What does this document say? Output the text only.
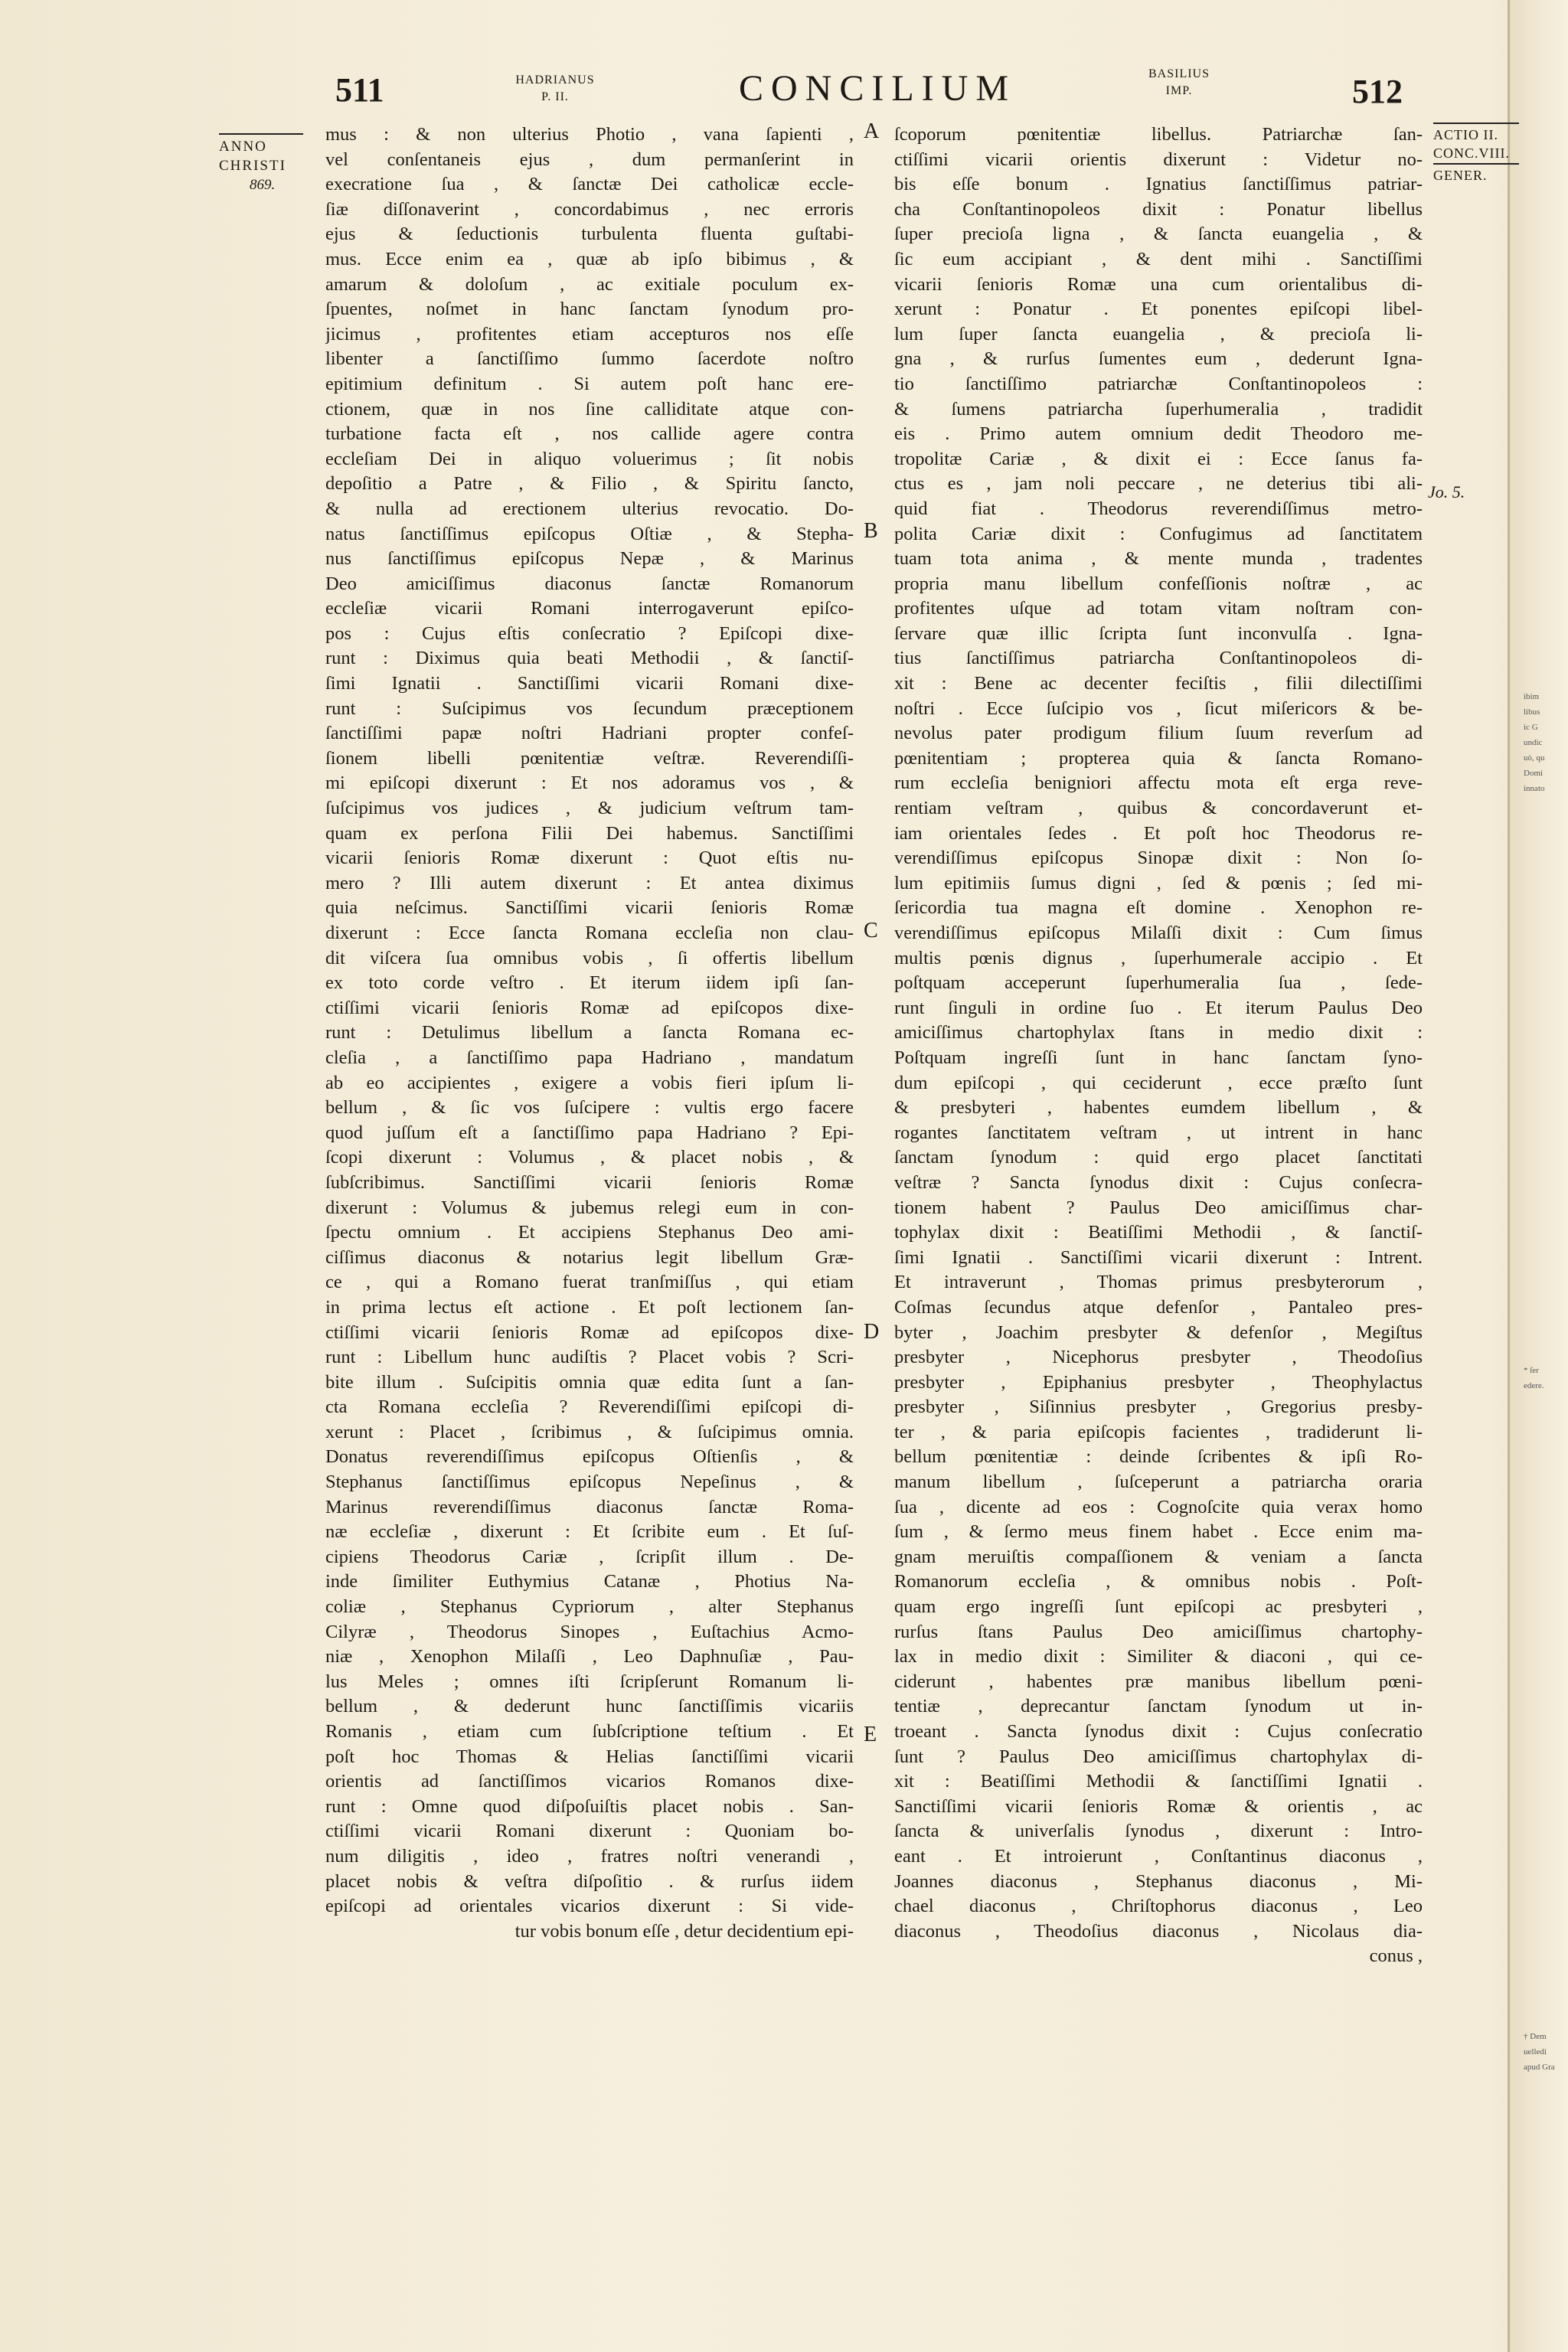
511	HADRIANUS
P. II.	CONCILIUM	BASILIUS
IMP.	512
ANNO
CHRISTI
869.
ACTIO II.
CONC.VIII.
GENER.
Jo. 5.
ibim
libus
ic G
undic
uò, qu
Domi
innato
* ſer
edere.
† Dem
uelledi
apud Gra
A
B
C
D
E
mus : & non ulterius Photio , vana ſapienti ,
vel conſentaneis ejus , dum permanſerint in
execratione ſua , & ſanctæ Dei catholicæ eccle-
ſiæ diſſonaverint , concordabimus , nec erroris
ejus & ſeductionis turbulenta fluenta guſtabi-
mus. Ecce enim ea , quæ ab ipſo bibimus , &
amarum & doloſum , ac exitiale poculum ex-
ſpuentes, noſmet in hanc ſanctam ſynodum pro-
jicimus , profitentes etiam accepturos nos eſſe
libenter a ſanctiſſimo ſummo ſacerdote noſtro
epitimium definitum . Si autem poſt hanc ere-
ctionem, quæ in nos ſine calliditate atque con-
turbatione facta eſt , nos callide agere contra
eccleſiam Dei in aliquo voluerimus ; ſit nobis
depoſitio a Patre , & Filio , & Spiritu ſancto,
& nulla ad erectionem ulterius revocatio. Do-
natus ſanctiſſimus epiſcopus Oſtiæ , & Stepha-
nus ſanctiſſimus epiſcopus Nepæ , & Marinus
Deo amiciſſimus diaconus ſanctæ Romanorum
eccleſiæ vicarii Romani interrogaverunt epiſco-
pos : Cujus eſtis conſecratio ? Epiſcopi dixe-
runt : Diximus quia beati Methodii , & ſanctiſ-
ſimi Ignatii . Sanctiſſimi vicarii Romani dixe-
runt : Suſcipimus vos ſecundum præceptionem
ſanctiſſimi papæ noſtri Hadriani propter confeſ-
ſionem libelli pœnitentiæ veſtræ. Reverendiſſi-
mi epiſcopi dixerunt : Et nos adoramus vos , &
ſuſcipimus vos judices , & judicium veſtrum tam-
quam ex perſona Filii Dei habemus. Sanctiſſimi
vicarii ſenioris Romæ dixerunt : Quot eſtis nu-
mero ? Illi autem dixerunt : Et antea diximus
quia neſcimus. Sanctiſſimi vicarii ſenioris Romæ
dixerunt : Ecce ſancta Romana eccleſia non clau-
dit viſcera ſua omnibus vobis , ſi offertis libellum
ex toto corde veſtro . Et iterum iidem ipſi ſan-
ctiſſimi vicarii ſenioris Romæ ad epiſcopos dixe-
runt : Detulimus libellum a ſancta Romana ec-
cleſia , a ſanctiſſimo papa Hadriano , mandatum
ab eo accipientes , exigere a vobis fieri ipſum li-
bellum , & ſic vos ſuſcipere : vultis ergo facere
quod juſſum eſt a ſanctiſſimo papa Hadriano ? Epi-
ſcopi dixerunt : Volumus , & placet nobis , &
ſubſcribimus. Sanctiſſimi vicarii ſenioris Romæ
dixerunt : Volumus & jubemus relegi eum in con-
ſpectu omnium . Et accipiens Stephanus Deo ami-
ciſſimus diaconus & notarius legit libellum Græ-
ce , qui a Romano fuerat tranſmiſſus , qui etiam
in prima lectus eſt actione . Et poſt lectionem ſan-
ctiſſimi vicarii ſenioris Romæ ad epiſcopos dixe-
runt : Libellum hunc audiſtis ? Placet vobis ? Scri-
bite illum . Suſcipitis omnia quæ edita ſunt a ſan-
cta Romana eccleſia ? Reverendiſſimi epiſcopi di-
xerunt : Placet , ſcribimus , & ſuſcipimus omnia.
Donatus reverendiſſimus epiſcopus Oſtienſis , &
Stephanus ſanctiſſimus epiſcopus Nepeſinus , &
Marinus reverendiſſimus diaconus ſanctæ Roma-
næ eccleſiæ , dixerunt : Et ſcribite eum . Et ſuſ-
cipiens Theodorus Cariæ , ſcripſit illum . De-
inde ſimiliter Euthymius Catanæ , Photius Na-
coliæ , Stephanus Cypriorum , alter Stephanus
Cilyræ , Theodorus Sinopes , Euſtachius Acmo-
niæ , Xenophon Milaſſi , Leo Daphnuſiæ , Pau-
lus Meles ; omnes iſti ſcripſerunt Romanum li-
bellum , & dederunt hunc ſanctiſſimis vicariis
Romanis , etiam cum ſubſcriptione teſtium . Et
poſt hoc Thomas & Helias ſanctiſſimi vicarii
orientis ad ſanctiſſimos vicarios Romanos dixe-
runt : Omne quod diſpoſuiſtis placet nobis . San-
ctiſſimi vicarii Romani dixerunt : Quoniam bo-
num diligitis , ideo , fratres noſtri venerandi ,
placet nobis & veſtra diſpoſitio . & rurſus iidem
epiſcopi ad orientales vicarios dixerunt : Si vide-
tur vobis bonum eſſe , detur decidentium epi-
ſcoporum pœnitentiæ libellus. Patriarchæ ſan-
ctiſſimi vicarii orientis dixerunt : Videtur no-
bis eſſe bonum . Ignatius ſanctiſſimus patriar-
cha Conſtantinopoleos dixit : Ponatur libellus
ſuper precioſa ligna , & ſancta euangelia , &
ſic eum accipiant , & dent mihi . Sanctiſſimi
vicarii ſenioris Romæ una cum orientalibus di-
xerunt : Ponatur . Et ponentes epiſcopi libel-
lum ſuper ſancta euangelia , & precioſa li-
gna , & rurſus ſumentes eum , dederunt Igna-
tio ſanctiſſimo patriarchæ Conſtantinopoleos :
& ſumens patriarcha ſuperhumeralia , tradidit
eis . Primo autem omnium dedit Theodoro me-
tropolitæ Cariæ , & dixit ei : Ecce ſanus fa-
ctus es , jam noli peccare , ne deterius tibi ali-
quid fiat . Theodorus reverendiſſimus metro-
polita Cariæ dixit : Confugimus ad ſanctitatem
tuam tota anima , & mente munda , tradentes
propria manu libellum confeſſionis noſtræ , ac
profitentes uſque ad totam vitam noſtram con-
ſervare quæ illic ſcripta ſunt inconvulſa . Igna-
tius ſanctiſſimus patriarcha Conſtantinopoleos di-
xit : Bene ac decenter feciſtis , filii dilectiſſimi
noſtri . Ecce ſuſcipio vos , ſicut miſericors & be-
nevolus pater prodigum filium ſuum reverſum ad
pœnitentiam ; propterea quia & ſancta Romano-
rum eccleſia benigniori affectu mota eſt erga reve-
rentiam veſtram , quibus & concordaverunt et-
iam orientales ſedes . Et poſt hoc Theodorus re-
verendiſſimus epiſcopus Sinopæ dixit : Non ſo-
lum epitimiis ſumus digni , ſed & pœnis ; ſed mi-
ſericordia tua magna eſt domine . Xenophon re-
verendiſſimus epiſcopus Milaſſi dixit : Cum ſimus
multis pœnis dignus , ſuperhumerale accipio . Et
poſtquam acceperunt ſuperhumeralia ſua , ſede-
runt ſinguli in ordine ſuo . Et iterum Paulus Deo
amiciſſimus chartophylax ſtans in medio dixit :
Poſtquam ingreſſi ſunt in hanc ſanctam ſyno-
dum epiſcopi , qui ceciderunt , ecce præſto ſunt
& presbyteri , habentes eumdem libellum , &
rogantes ſanctitatem veſtram , ut intrent in hanc
ſanctam ſynodum : quid ergo placet ſanctitati
veſtræ ? Sancta ſynodus dixit : Cujus conſecra-
tionem habent ? Paulus Deo amiciſſimus char-
tophylax dixit : Beatiſſimi Methodii , & ſanctiſ-
ſimi Ignatii . Sanctiſſimi vicarii dixerunt : Intrent.
Et intraverunt , Thomas primus presbyterorum ,
Coſmas ſecundus atque defenſor , Pantaleo pres-
byter , Joachim presbyter & defenſor , Megiſtus
presbyter , Nicephorus presbyter , Theodoſius
presbyter , Epiphanius presbyter , Theophylactus
presbyter , Siſinnius presbyter , Gregorius presby-
ter , & paria epiſcopis facientes , tradiderunt li-
bellum pœnitentiæ : deinde ſcribentes & ipſi Ro-
manum libellum , ſuſceperunt a patriarcha oraria
ſua , dicente ad eos : Cognoſcite quia verax homo
ſum , & ſermo meus finem habet . Ecce enim ma-
gnam meruiſtis compaſſionem & veniam a ſancta
Romanorum eccleſia , & omnibus nobis . Poſt-
quam ergo ingreſſi ſunt epiſcopi ac presbyteri ,
rurſus ſtans Paulus Deo amiciſſimus chartophy-
lax in medio dixit : Similiter & diaconi , qui ce-
ciderunt , habentes præ manibus libellum pœni-
tentiæ , deprecantur ſanctam ſynodum ut in-
troeant . Sancta ſynodus dixit : Cujus conſecratio
ſunt ? Paulus Deo amiciſſimus chartophylax di-
xit : Beatiſſimi Methodii & ſanctiſſimi Ignatii .
Sanctiſſimi vicarii ſenioris Romæ & orientis , ac
ſancta & univerſalis ſynodus , dixerunt : Intro-
eant . Et introierunt , Conſtantinus diaconus ,
Joannes diaconus , Stephanus diaconus , Mi-
chael diaconus , Chriſtophorus diaconus , Leo
diaconus , Theodoſius diaconus , Nicolaus dia-
conus ,
